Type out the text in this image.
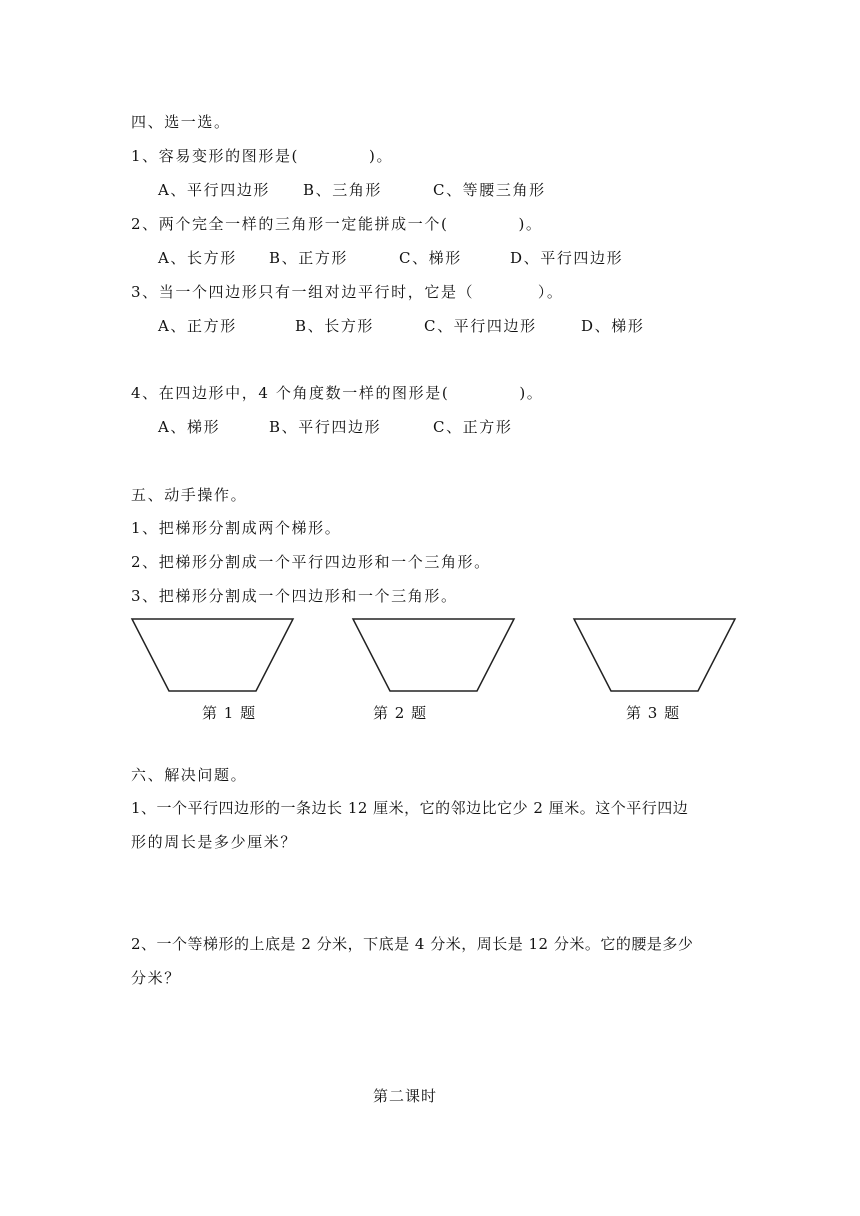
四、选一选。
1、容易变形的图形是(           )。
A、平行四边形 B、三角形	C、等腰三角形
2、两个完全一样的三角形一定能拼成一个(           )。
A、长方形 B、正方形	C、梯形	D、平行四边形
3、当一个四边形只有一组对边平行时，它是（          ）。
A、正方形	B、长方形	C、平行四边形	D、梯形
4、在四边形中，4 个角度数一样的图形是(           )。
A、梯形	B、平行四边形	C、正方形
五、动手操作。
1、把梯形分割成两个梯形。
2、把梯形分割成一个平行四边形和一个三角形。
3、把梯形分割成一个四边形和一个三角形。
第 1 题	第 2 题	第 3 题
六、解决问题。
1、一个平行四边形的一条边长 12 厘米，它的邻边比它少 2 厘米。这个平行四边
形的周长是多少厘米？
2、一个等梯形的上底是 2 分米，下底是 4 分米，周长是 12 分米。它的腰是多少
分米？
第二课时
